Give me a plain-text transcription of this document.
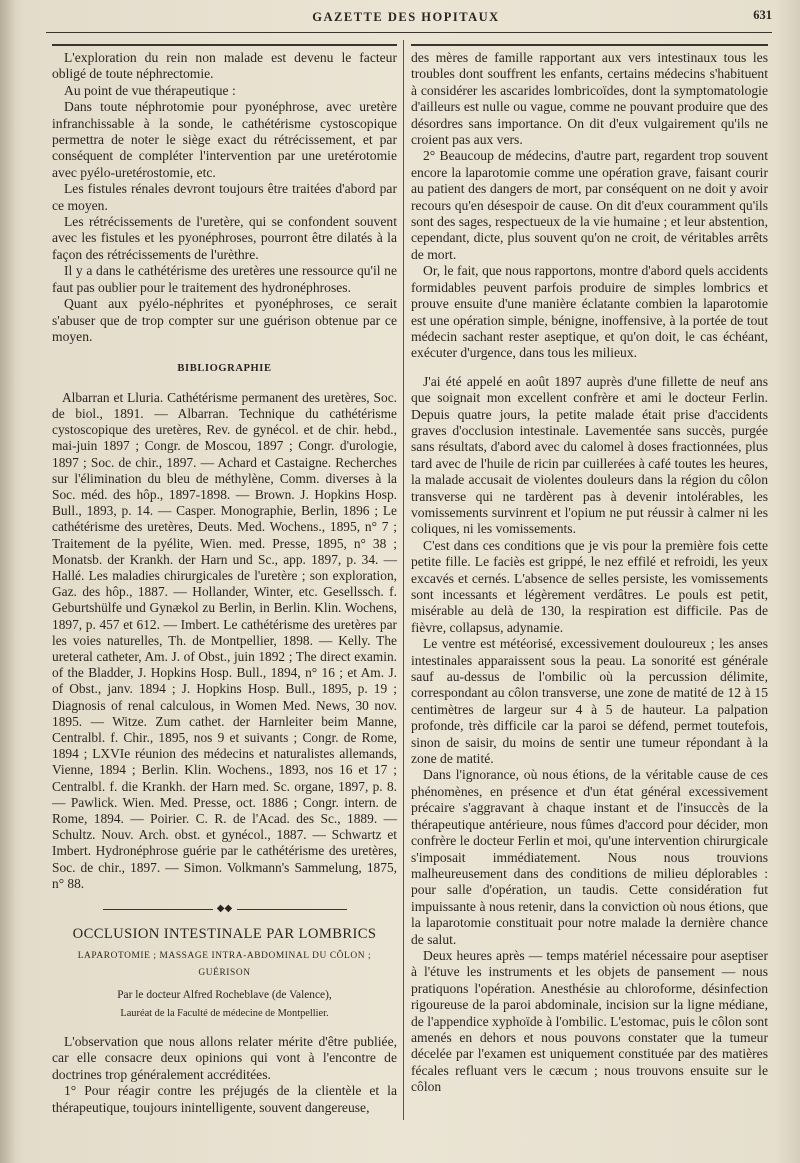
GAZETTE DES HOPITAUX	631

L'exploration du rein non malade est devenu le facteur obligé de toute néphrectomie.

Au point de vue thérapeutique :

Dans toute néphrotomie pour pyonéphrose, avec uretère infranchissable à la sonde, le cathétérisme cystoscopique permettra de noter le siège exact du rétrécissement, et par conséquent de compléter l'intervention par une uretérotomie avec pyélo-uretérostomie, etc.

Les fistules rénales devront toujours être traitées d'abord par ce moyen.

Les rétrécissements de l'uretère, qui se confondent souvent avec les fistules et les pyonéphroses, pourront être dilatés à la façon des rétrécissements de l'urèthre.

Il y a dans le cathétérisme des uretères une ressource qu'il ne faut pas oublier pour le traitement des hydronéphroses.

Quant aux pyélo-néphrites et pyonéphroses, ce serait s'abuser que de trop compter sur une guérison obtenue par ce moyen.

BIBLIOGRAPHIE

Albarran et Lluria. Cathétérisme permanent des uretères, Soc. de biol., 1891. — Albarran. Technique du cathétérisme cystoscopique des uretères, Rev. de gynécol. et de chir. hebd., mai-juin 1897 ; Congr. de Moscou, 1897 ; Congr. d'urologie, 1897 ; Soc. de chir., 1897. — Achard et Castaigne. Recherches sur l'élimination du bleu de méthylène, Comm. diverses à la Soc. méd. des hôp., 1897-1898. — Brown. J. Hopkins Hosp. Bull., 1893, p. 14. — Casper. Monographie, Berlin, 1896 ; Le cathétérisme des uretères, Deuts. Med. Wochens., 1895, n° 7 ; Traitement de la pyélite, Wien. med. Presse, 1895, n° 38 ; Monatsb. der Krankh. der Harn und Sc., app. 1897, p. 34. — Hallé. Les maladies chirurgicales de l'uretère ; son exploration, Gaz. des hôp., 1887. — Hollander, Winter, etc. Gesellssch. f. Geburtshülfe und Gynækol zu Berlin, in Berlin. Klin. Wochens, 1897, p. 457 et 612. — Imbert. Le cathétérisme des uretères par les voies naturelles, Th. de Montpellier, 1898. — Kelly. The ureteral catheter, Am. J. of Obst., juin 1892 ; The direct examin. of the Bladder, J. Hopkins Hosp. Bull., 1894, n° 16 ; et Am. J. of Obst., janv. 1894 ; J. Hopkins Hosp. Bull., 1895, p. 19 ; Diagnosis of renal calculous, in Women Med. News, 30 nov. 1895. — Witze. Zum cathet. der Harnleiter beim Manne, Centralbl. f. Chir., 1895, nos 9 et suivants ; Congr. de Rome, 1894 ; LXVIe réunion des médecins et naturalistes allemands, Vienne, 1894 ; Berlin. Klin. Wochens., 1893, nos 16 et 17 ; Centralbl. f. die Krankh. der Harn med. Sc. organe, 1897, p. 8. — Pawlick. Wien. Med. Presse, oct. 1886 ; Congr. intern. de Rome, 1894. — Poirier. C. R. de l'Acad. des Sc., 1889. — Schultz. Nouv. Arch. obst. et gynécol., 1887. — Schwartz et Imbert. Hydronéphrose guérie par le cathétérisme des uretères, Soc. de chir., 1897. — Simon. Volkmann's Sammelung, 1875, n° 88.

◆◆
OCCLUSION INTESTINALE PAR LOMBRICS
LAPAROTOMIE ; MASSAGE INTRA-ABDOMINAL DU CÔLON ; GUÉRISON
Par le docteur Alfred Rocheblave (de Valence),
Lauréat de la Faculté de médecine de Montpellier.

L'observation que nous allons relater mérite d'être publiée, car elle consacre deux opinions qui vont à l'encontre de doctrines trop généralement accréditées.

1° Pour réagir contre les préjugés de la clientèle et la thérapeutique, toujours inintelligente, souvent dangereuse,

des mères de famille rapportant aux vers intestinaux tous les troubles dont souffrent les enfants, certains médecins s'habituent à considérer les ascarides lombricoïdes, dont la symptomatologie d'ailleurs est nulle ou vague, comme ne pouvant produire que des désordres sans importance. On dit d'eux vulgairement qu'ils ne croient pas aux vers.

2° Beaucoup de médecins, d'autre part, regardent trop souvent encore la laparotomie comme une opération grave, faisant courir au patient des dangers de mort, par conséquent on ne doit y avoir recours qu'en désespoir de cause. On dit d'eux couramment qu'ils sont des sages, respectueux de la vie humaine ; et leur abstention, cependant, dicte, plus souvent qu'on ne croit, de véritables arrêts de mort.

Or, le fait, que nous rapportons, montre d'abord quels accidents formidables peuvent parfois produire de simples lombrics et prouve ensuite d'une manière éclatante combien la laparotomie est une opération simple, bénigne, inoffensive, à la portée de tout médecin sachant rester aseptique, et qu'on doit, le cas échéant, exécuter d'urgence, dans tous les milieux.

J'ai été appelé en août 1897 auprès d'une fillette de neuf ans que soignait mon excellent confrère et ami le docteur Ferlin. Depuis quatre jours, la petite malade était prise d'accidents graves d'occlusion intestinale. Lavementée sans succès, purgée sans résultats, d'abord avec du calomel à doses fractionnées, plus tard avec de l'huile de ricin par cuillerées à café toutes les heures, la malade accusait de violentes douleurs dans la région du côlon transverse qui ne tardèrent pas à devenir intolérables, les vomissements survinrent et l'opium ne put réussir à calmer ni les coliques, ni les vomissements.

C'est dans ces conditions que je vis pour la première fois cette petite fille. Le faciès est grippé, le nez effilé et refroidi, les yeux excavés et cernés. L'absence de selles persiste, les vomissements sont incessants et légèrement verdâtres. Le pouls est petit, misérable au delà de 130, la respiration est difficile. Pas de fièvre, collapsus, adynamie.

Le ventre est météorisé, excessivement douloureux ; les anses intestinales apparaissent sous la peau. La sonorité est générale sauf au-dessus de l'ombilic où la percussion délimite, correspondant au côlon transverse, une zone de matité de 12 à 15 centimètres de largeur sur 4 à 5 de hauteur. La palpation profonde, très difficile car la paroi se défend, permet toutefois, sinon de saisir, du moins de sentir une tumeur répondant à la zone de matité.

Dans l'ignorance, où nous étions, de la véritable cause de ces phénomènes, en présence et d'un état général excessivement précaire s'aggravant à chaque instant et de l'insuccès de la thérapeutique antérieure, nous fûmes d'accord pour décider, mon confrère le docteur Ferlin et moi, qu'une intervention chirurgicale s'imposait immédiatement. Nous nous trouvions malheureusement dans des conditions de milieu déplorables : pour salle d'opération, un taudis. Cette considération fut impuissante à nous retenir, dans la conviction où nous étions, que la laparotomie constituait pour notre malade la dernière chance de salut.

Deux heures après — temps matériel nécessaire pour aseptiser à l'étuve les instruments et les objets de pansement — nous pratiquons l'opération. Anesthésie au chloroforme, désinfection rigoureuse de la paroi abdominale, incision sur la ligne médiane, de l'appendice xyphoïde à l'ombilic. L'estomac, puis le côlon sont amenés en dehors et nous pouvons constater que la tumeur décelée par l'examen est uniquement constituée par des matières fécales refluant vers le cæcum ; nous trouvons ensuite sur le côlon
